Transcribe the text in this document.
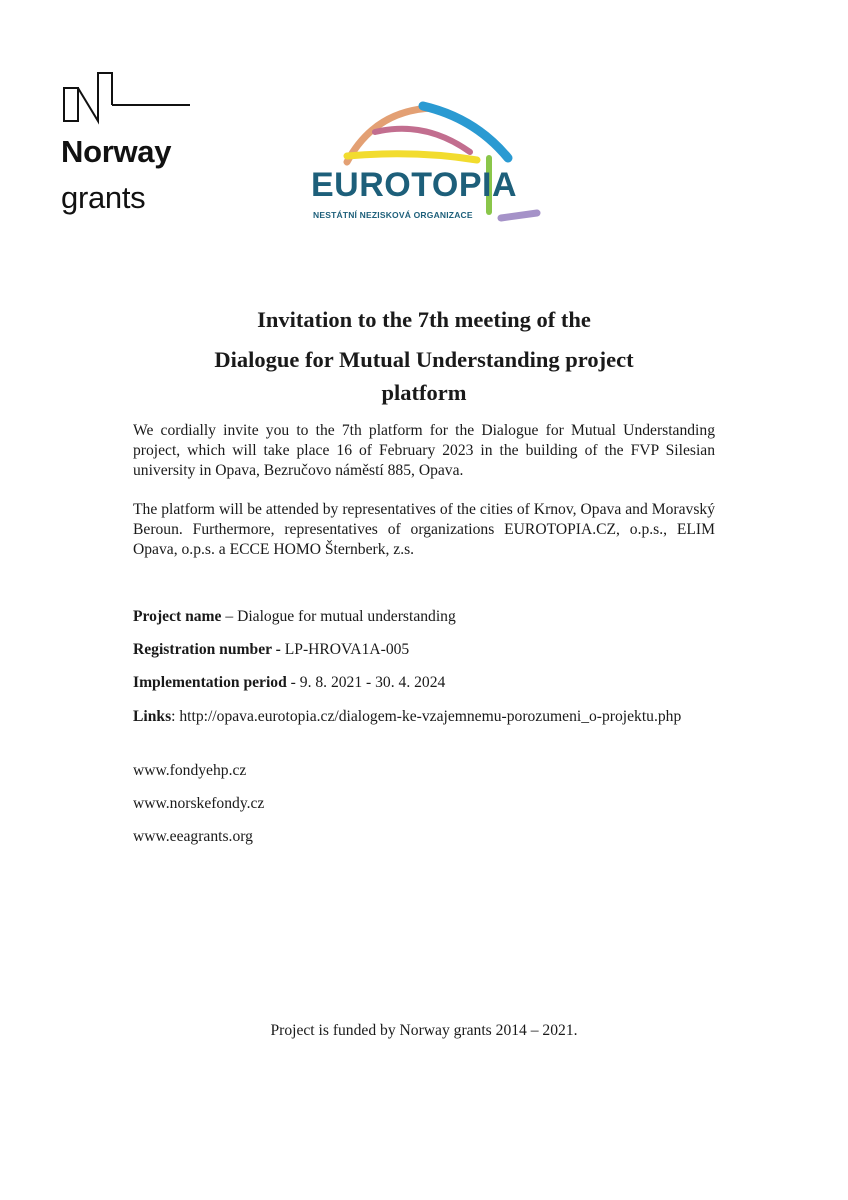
Norway
grants	EUROTOPIA
NESTÁTNÍ NEZISKOVÁ ORGANIZACE
Invitation to the 7th meeting of the
Dialogue for Mutual Understanding project
platform

We cordially invite you to the 7th platform for the Dialogue for Mutual Understanding project, which will take place 16 of February 2023 in the building of the FVP Silesian university in Opava, Bezručovo náměstí 885, Opava.

The platform will be attended by representatives of the cities of Krnov, Opava and Moravský Beroun. Furthermore, representatives of organizations EUROTOPIA.CZ, o.p.s., ELIM Opava, o.p.s. a ECCE HOMO Šternberk, z.s.

Project name – Dialogue for mutual understanding

Registration number - LP-HROVA1A-005

Implementation period - 9. 8. 2021 - 30. 4. 2024

Links: http://opava.eurotopia.cz/dialogem-ke-vzajemnemu-porozumeni_o-projektu.php

www.fondyehp.cz

www.norskefondy.cz

www.eeagrants.org

Project is funded by Norway grants 2014 – 2021.
